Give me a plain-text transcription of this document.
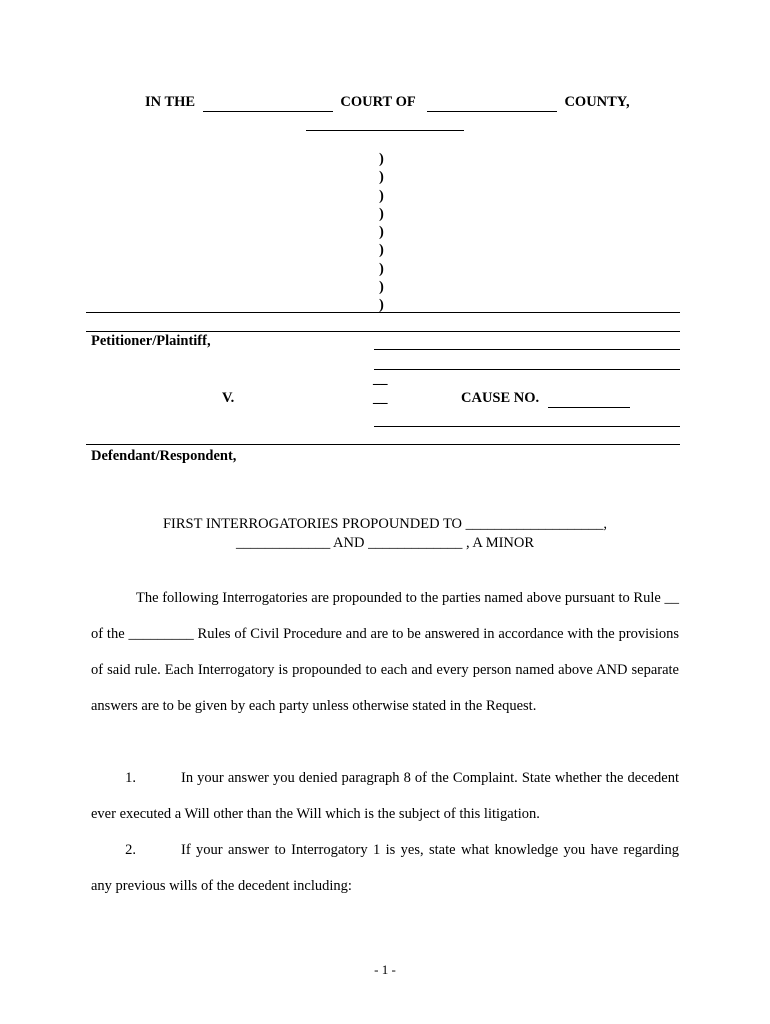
IN THE	COURT OF	COUNTY,
)
)
)
)
)
)
)
)
)
Petitioner/Plaintiff,
V.
Defendant/Respondent,
__
__	CAUSE NO.
FIRST INTERROGATORIES PROPOUNDED TO ___________________,
_____________ AND _____________ , A MINOR
The following Interrogatories are propounded to the parties named above pursuant to Rule __ of the _________ Rules of Civil Procedure and are to be answered in accordance with the provisions of said rule. Each Interrogatory is propounded to each and every person named above AND separate answers are to be given by each party unless otherwise stated in the Request.
1.	In your answer you denied paragraph 8 of the Complaint. State whether the decedent ever executed a Will other than the Will which is the subject of this litigation.
2.	If your answer to Interrogatory 1 is yes, state what knowledge you have regarding any previous wills of the decedent including:
- 1 -
